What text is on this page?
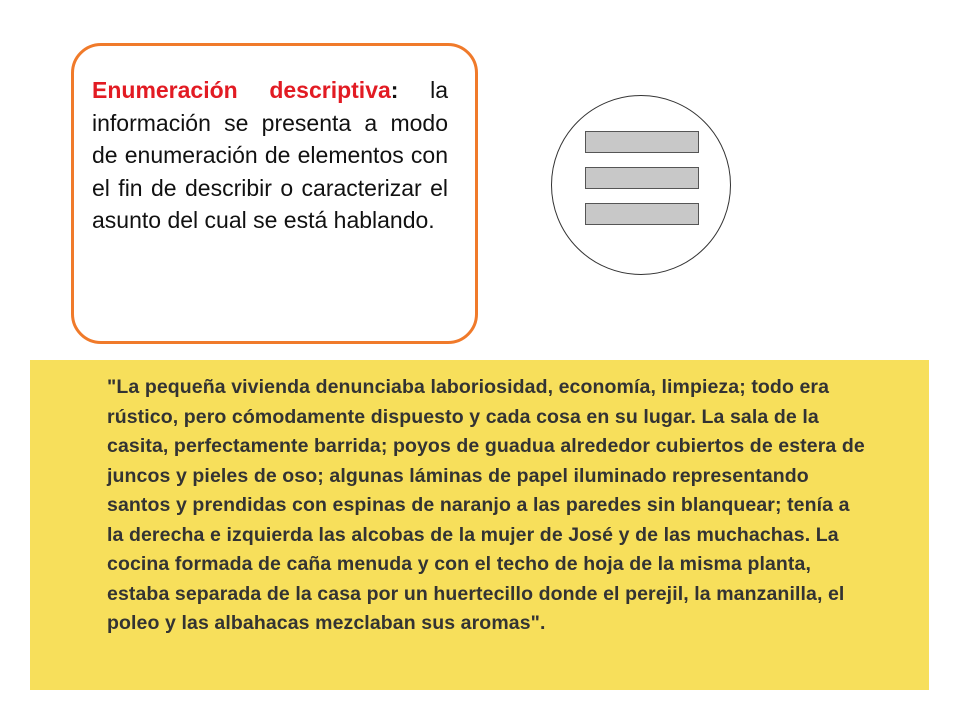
Enumeración descriptiva: la información se presenta a modo de enumeración de elementos con el fin de describir o caracterizar el asunto del cual se está hablando.

"La pequeña vivienda denunciaba laboriosidad, economía, limpieza; todo era rústico, pero cómodamente dispuesto y cada cosa en su lugar. La sala de la casita, perfectamente barrida; poyos de guadua alrededor cubiertos de estera de juncos y pieles de oso; algunas láminas de papel iluminado representando santos y prendidas con espinas de naranjo a las paredes sin blanquear; tenía a la derecha e izquierda las alcobas de la mujer de José y de las muchachas. La cocina formada de caña menuda y con el techo de hoja de la misma planta, estaba separada de la casa por un huertecillo donde el perejil, la manzanilla, el poleo y las albahacas mezclaban sus aromas".
